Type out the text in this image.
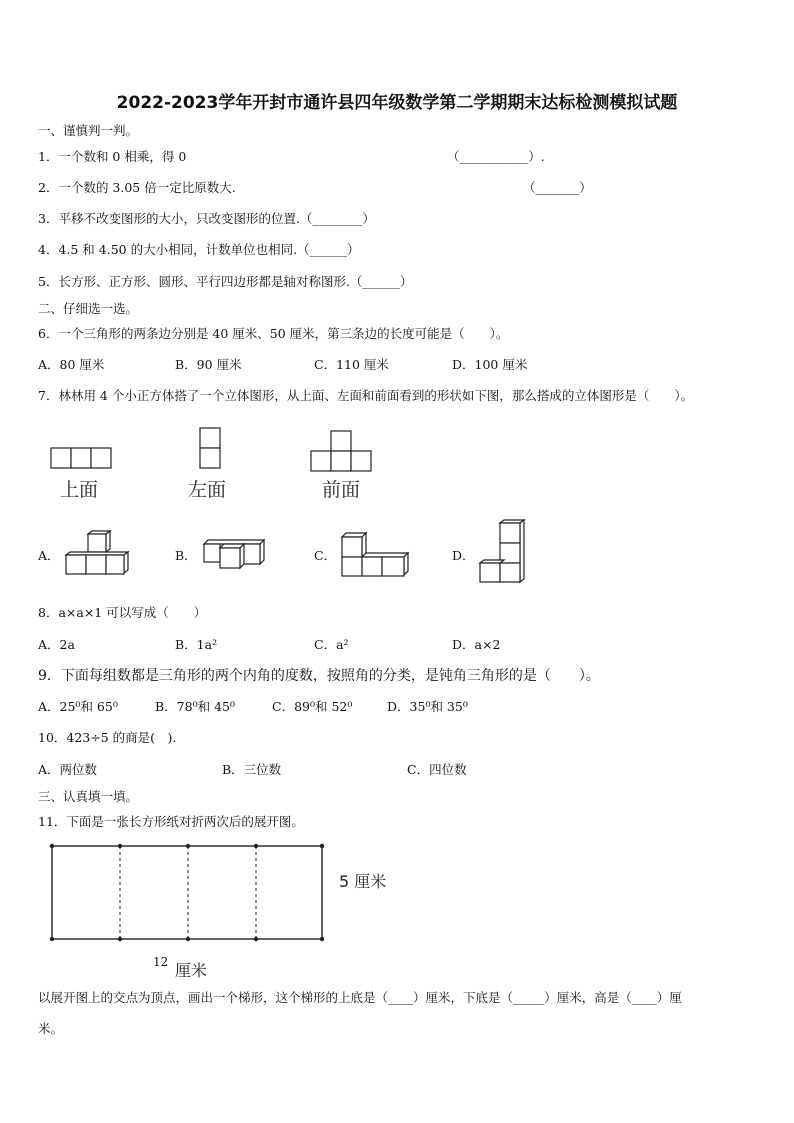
2022-2023学年开封市通许县四年级数学第二学期期末达标检测模拟试题
一、谨慎判一判。
1．一个数和 0 相乘，得 0	（___________）.
2．一个数的 3.05 倍一定比原数大.	（_______）
3．平移不改变图形的大小，只改变图形的位置.（________）
4．4.5 和 4.50 的大小相同，计数单位也相同.（______）
5．长方形、正方形、圆形、平行四边形都是轴对称图形.（______）
二、仔细选一选。
6．一个三角形的两条边分别是 40 厘米、50 厘米，第三条边的长度可能是（　　）。
A．80 厘米	B．90 厘米	C．110 厘米	D．100 厘米
7．林林用 4 个小正方体搭了一个立体图形，从上面、左面和前面看到的形状如下图，那么搭成的立体图形是（　　）。
上面	左面	前面
A．	B．	C．	D．
8．a×a×1 可以写成（　　）
A．2a	B．1a²	C．a²	D．a×2
9．下面每组数都是三角形的两个内角的度数，按照角的分类，是钝角三角形的是（　　）。
A．25⁰和 65⁰	B．78⁰和 45⁰	C．89⁰和 52⁰	D．35⁰和 35⁰
10．423÷5 的商是(　).
A．两位数	B．三位数	C．四位数
三、认真填一填。
11．下面是一张长方形纸对折两次后的展开图。
5 厘米
12 厘米
以展开图上的交点为顶点，画出一个梯形，这个梯形的上底是（____）厘米，下底是（_____）厘米，高是（____）厘
米。
